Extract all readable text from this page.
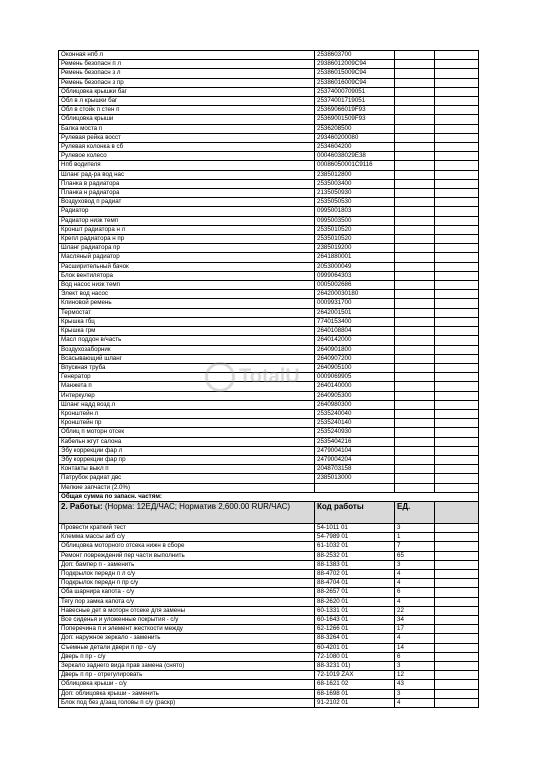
Оконная нпб л	2538603700		
Ремень безопасн п л	29386012009C94		
Ремень безопасн з л	25386015009C94		
Ремень безопасн з пр	25386016009C94		
Облицовка крышки баг	25374000709051		
Обл в л крышки баг	25374001719051		
Обл в стойк п стен п	25369066019F93		
Облицовка крыши	25369001509F93		
Балка моста п	2536208500		
Рулевая рейка восст	293460200080		
Рулевая колонка в сб	2534604200		
Рулевое колесо	00046038029E38		
Нпб водителя	00086050001C9116		
Шланг рад-ра вод нас	2385012800		
Планка в радиатора	2535003400		
Планка н радиатора	2135050930		
Воздуховод п радиат	2535050530		
Радиатор	0995001803		
Радиатор низк темп	0995003500		
Кроншт радиатора н л	2535010520		
Крепл радиатора н пр	2535010520		
Шланг радиатора пр	2385019200		
Масляный радиатор	2641880001		
Расширительный бачок	2053000049		
Блок вентилятора	0999064303		
Вод насос низк темп	0005002686		
Элект вод насос	264200030180		
Клиновой ремень	0009931700		
Термостат	2642001501		
Крышка гбц	7740153400		
Крышка грм	2640108804		
Масл поддон в/часть	2640142000		
Воздухозаборник	2640901800		
Всасывающий шланг	2640907200		
Впускная труба	2640905100		
Генератор	0009069905		
Манжета п	2640140000		
Интеркулер	2640905300		
Шланг надд возд л	2640980300		
Кронштейн л	2535240040		
Кронштейн пр	2535240140		
Облиц п моторн отсек	2535240930		
Кабельн жгут салона	2535404216		
Эбу коррекции фар л	2479004104		
Эбу коррекции фар пр	2479004204		
Контакты выкл п	2048703158		
Патрубок радиат двс	2385013000		
Мелкие запчасти (2.0%)			
Общая сумма по запасн. частям:			
2. Работы: (Норма: 12ЕД/ЧАС; Норматив 2,600.00 RUR/ЧАС)	Код работы	ЕД.	
Провести краткий тест	54-1011 01	3	
Клемма массы акб с/у	54-7989 01	1	
Облицовка моторного отсека нижн в сборе	61-1032 01	7	
Ремонт повреждений пер части выполнить	88-2532 01	65	
Доп: бампер п - заменить	88-1383 01	3	
Подкрылок передн п л с/у	88-4702 01	4	
Подкрылок передн п пр с/у	88-4704 01	4	
Оба шарнира капота - с/у	88-2657 01	6	
Тягу пор замка капота с/у	88-2620 01	4	
Навесные дет в моторн отсеке для замены	60-1331 01	22	
Все сиденья и уложенные покрытия - с/у	60-1643 01	34	
Поперечина п и элемент жесткости между	62-1266 01	17	
Доп: наружное зеркало - заменить	88-3264 01	4	
Съемные детали двери п пр - с/у	60-4201 01	14	
Дверь п пр - с/у	72-1080 01	6	
Зеркало заднего вида прав замена (снято)	88-3231 01)	3	
Дверь п пр - отрегулировать	72-1019 ZAX	12	
Облицовка крыши - с/у	68-1621 02	43	
Доп: облицовка крыши - заменить	68-1698 01	3	
Блок под без д/защ головы п с/у (раскр)	91-2102 01	4	
TotalU
